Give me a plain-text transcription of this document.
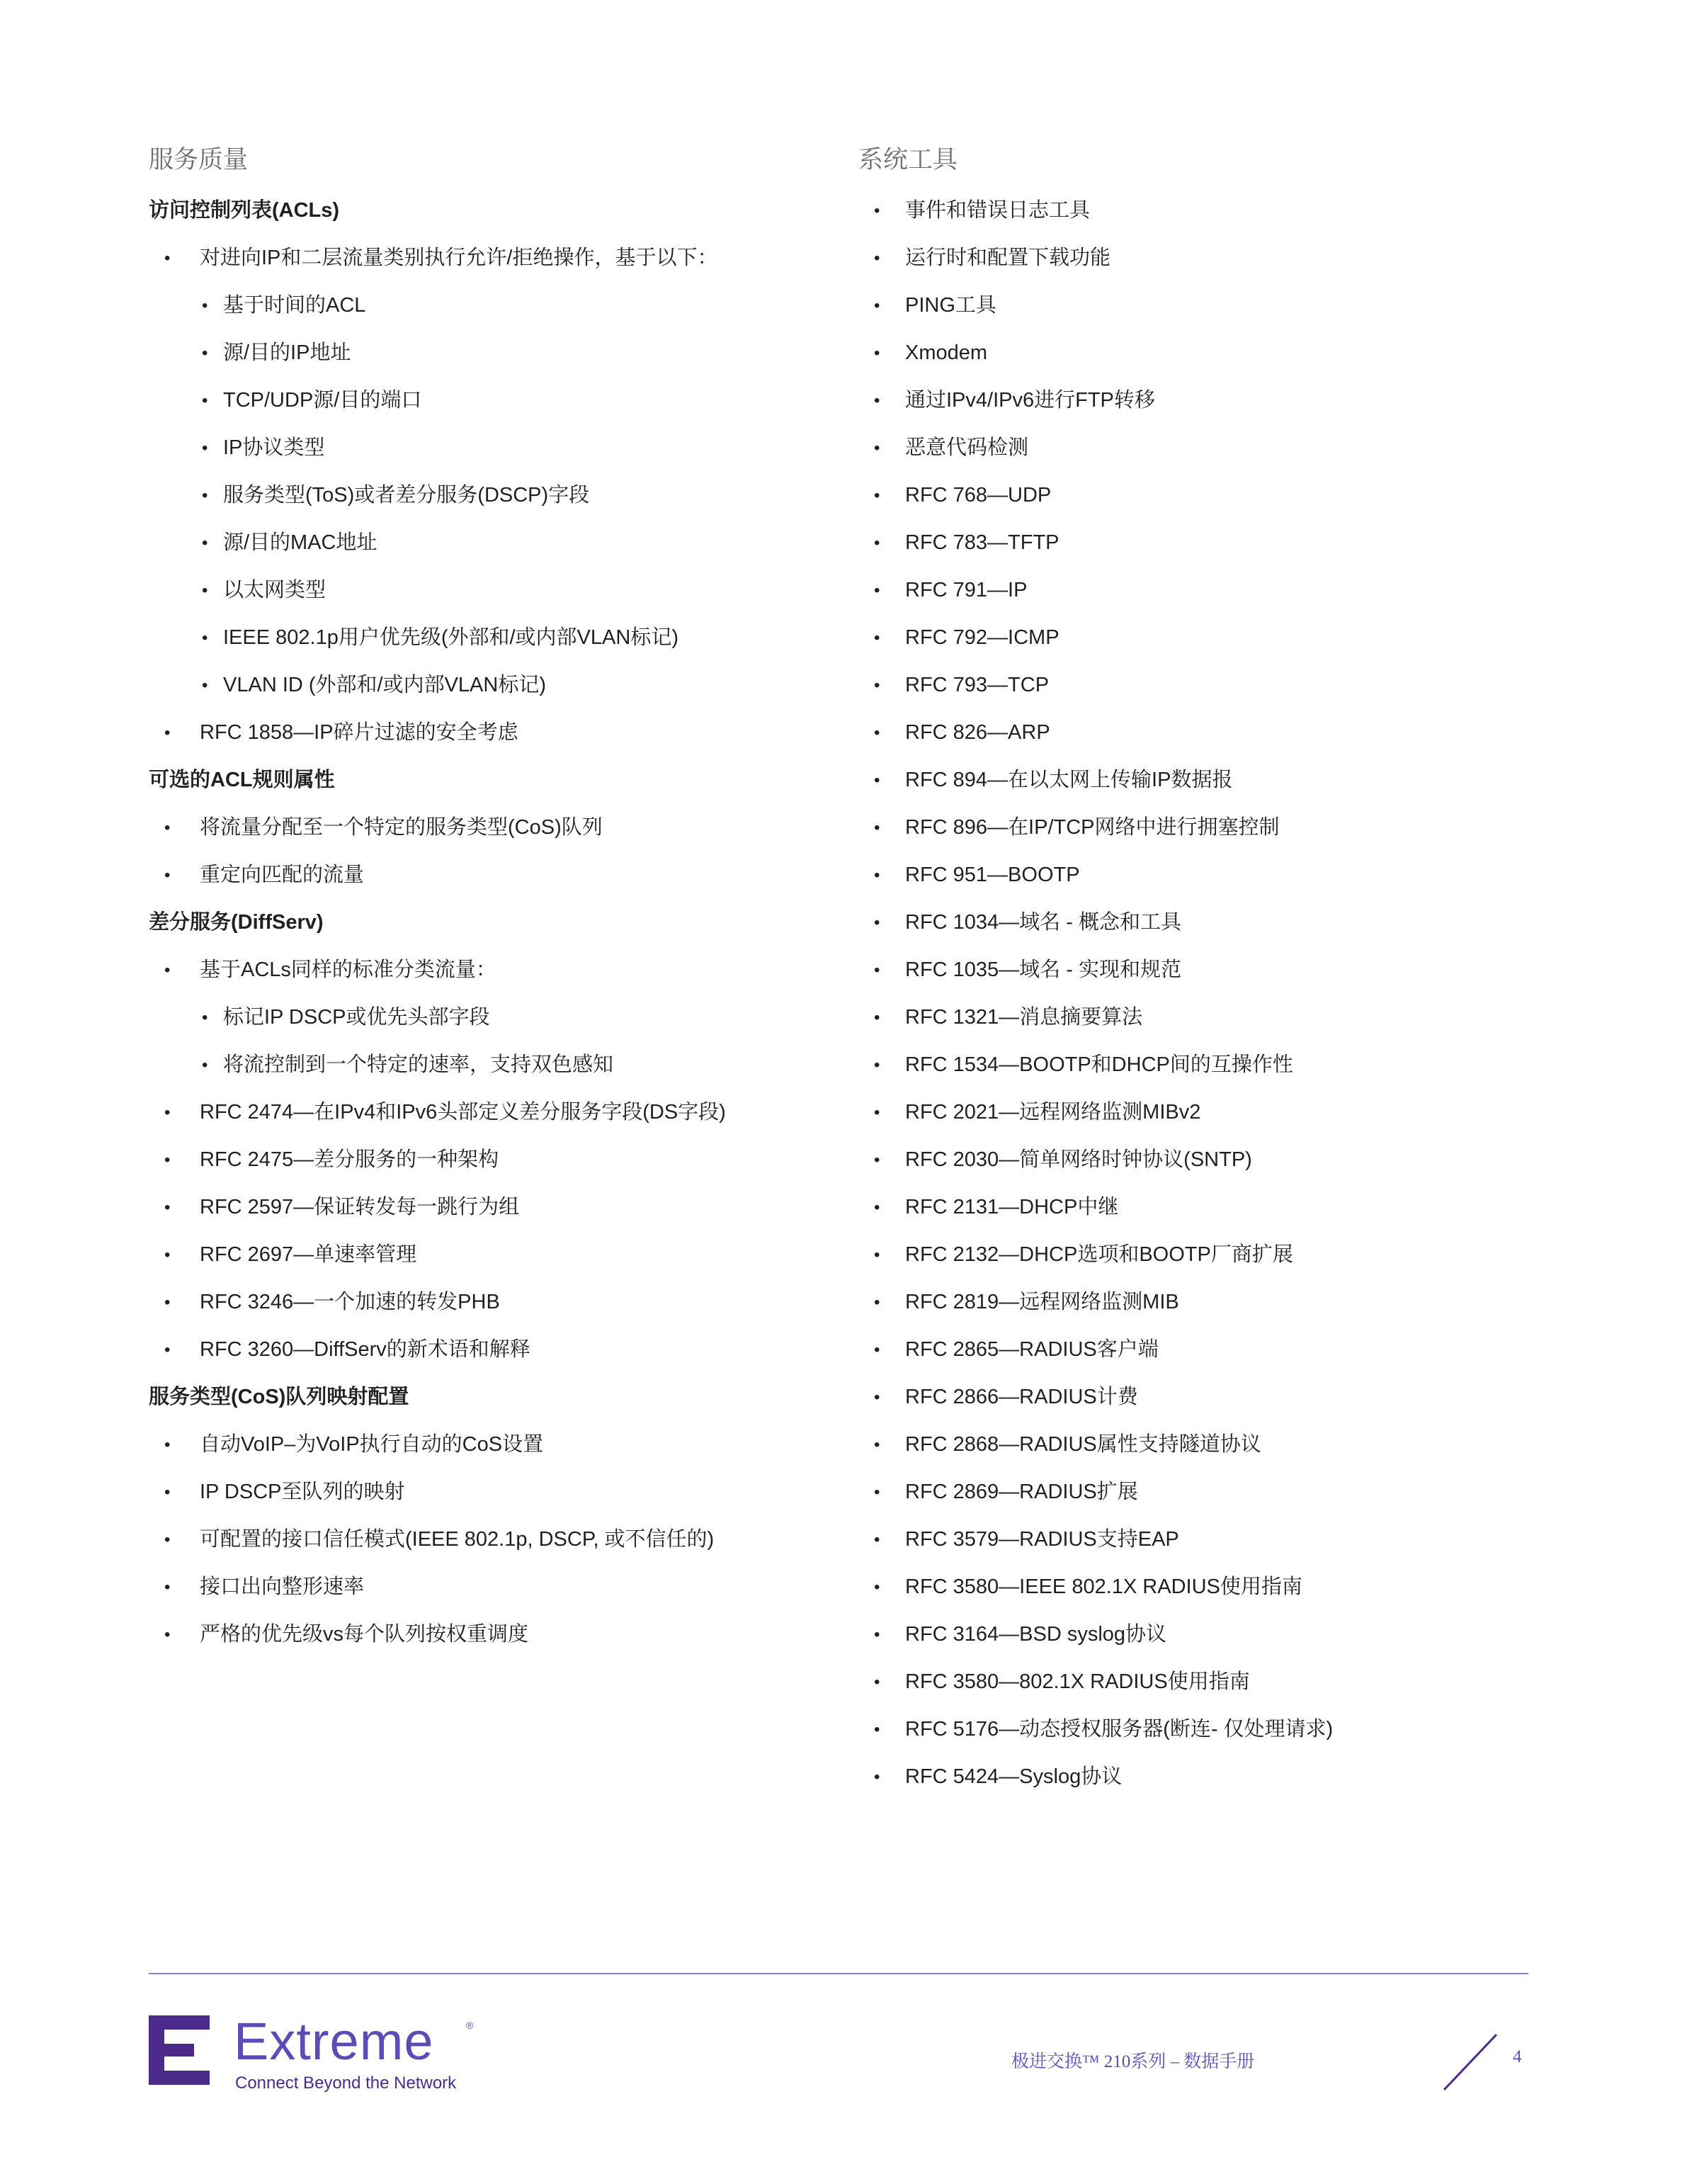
服务质量
访问控制列表(ACLs)
• 对进向IP和二层流量类别执行允许/拒绝操作，基于以下：
• 基于时间的ACL
• 源/目的IP地址
• TCP/UDP源/目的端口
• IP协议类型
• 服务类型(ToS)或者差分服务(DSCP)字段
• 源/目的MAC地址
• 以太网类型
• IEEE 802.1p用户优先级(外部和/或内部VLAN标记)
• VLAN ID (外部和/或内部VLAN标记)
• RFC 1858—IP碎片过滤的安全考虑
可选的ACL规则属性
• 将流量分配至一个特定的服务类型(CoS)队列
• 重定向匹配的流量
差分服务(DiffServ)
• 基于ACLs同样的标准分类流量：
• 标记IP DSCP或优先头部字段
• 将流控制到一个特定的速率，支持双色感知
• RFC 2474—在IPv4和IPv6头部定义差分服务字段(DS字段)
• RFC 2475—差分服务的一种架构
• RFC 2597—保证转发每一跳行为组
• RFC 2697—单速率管理
• RFC 3246—一个加速的转发PHB
• RFC 3260—DiffServ的新术语和解释
服务类型(CoS)队列映射配置
• 自动VoIP–为VoIP执行自动的CoS设置
• IP DSCP至队列的映射
• 可配置的接口信任模式(IEEE 802.1p, DSCP, 或不信任的)
• 接口出向整形速率
• 严格的优先级vs每个队列按权重调度
系统工具
• 事件和错误日志工具
• 运行时和配置下载功能
• PING工具
• Xmodem
• 通过IPv4/IPv6进行FTP转移
• 恶意代码检测
• RFC 768—UDP
• RFC 783—TFTP
• RFC 791—IP
• RFC 792—ICMP
• RFC 793—TCP
• RFC 826—ARP
• RFC 894—在以太网上传输IP数据报
• RFC 896—在IP/TCP网络中进行拥塞控制
• RFC 951—BOOTP
• RFC 1034—域名 - 概念和工具
• RFC 1035—域名 - 实现和规范
• RFC 1321—消息摘要算法
• RFC 1534—BOOTP和DHCP间的互操作性
• RFC 2021—远程网络监测MIBv2
• RFC 2030—简单网络时钟协议(SNTP)
• RFC 2131—DHCP中继
• RFC 2132—DHCP选项和BOOTP厂商扩展
• RFC 2819—远程网络监测MIB
• RFC 2865—RADIUS客户端
• RFC 2866—RADIUS计费
• RFC 2868—RADIUS属性支持隧道协议
• RFC 2869—RADIUS扩展
• RFC 3579—RADIUS支持EAP
• RFC 3580—IEEE 802.1X RADIUS使用指南
• RFC 3164—BSD syslog协议
• RFC 3580—802.1X RADIUS使用指南
• RFC 5176—动态授权服务器(断连- 仅处理请求)
• RFC 5424—Syslog协议
Extreme	®
Connect Beyond the Network
极进交换™ 210系列 – 数据手册	4
